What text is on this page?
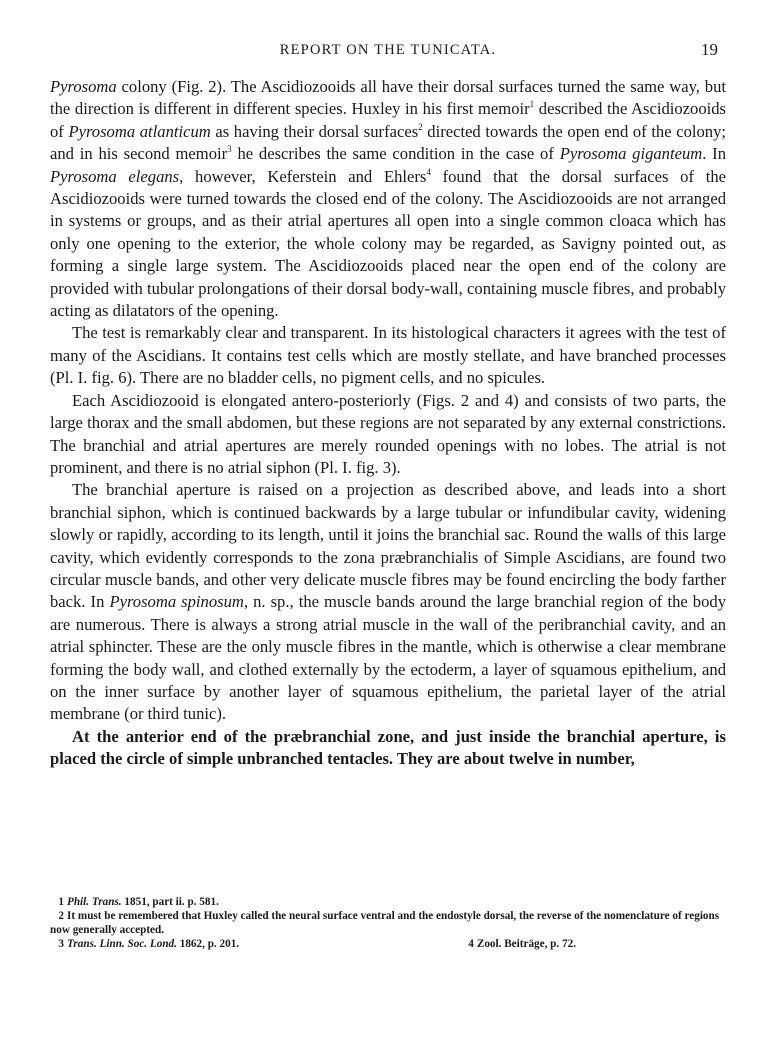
REPORT ON THE TUNICATA.	19

Pyrosoma colony (Fig. 2). The Ascidiozooids all have their dorsal surfaces turned the same way, but the direction is different in different species. Huxley in his first memoir$^1$ described the Ascidiozooids of Pyrosoma atlanticum as having their dorsal surfaces$^2$ directed towards the open end of the colony; and in his second memoir$^3$ he describes the same condition in the case of Pyrosoma giganteum. In Pyrosoma elegans, however, Keferstein and Ehlers$^4$ found that the dorsal surfaces of the Ascidiozooids were turned towards the closed end of the colony. The Ascidiozooids are not arranged in systems or groups, and as their atrial apertures all open into a single common cloaca which has only one opening to the exterior, the whole colony may be regarded, as Savigny pointed out, as forming a single large system. The Ascidiozooids placed near the open end of the colony are provided with tubular prolongations of their dorsal body-wall, containing muscle fibres, and probably acting as dilatators of the opening.

The test is remarkably clear and transparent. In its histological characters it agrees with the test of many of the Ascidians. It contains test cells which are mostly stellate, and have branched processes (Pl. I. fig. 6). There are no bladder cells, no pigment cells, and no spicules.

Each Ascidiozooid is elongated antero-posteriorly (Figs. 2 and 4) and consists of two parts, the large thorax and the small abdomen, but these regions are not separated by any external constrictions. The branchial and atrial apertures are merely rounded openings with no lobes. The atrial is not prominent, and there is no atrial siphon (Pl. I. fig. 3).

The branchial aperture is raised on a projection as described above, and leads into a short branchial siphon, which is continued backwards by a large tubular or infundibular cavity, widening slowly or rapidly, according to its length, until it joins the branchial sac. Round the walls of this large cavity, which evidently corresponds to the zona præbranchialis of Simple Ascidians, are found two circular muscle bands, and other very delicate muscle fibres may be found encircling the body farther back. In Pyrosoma spinosum, n. sp., the muscle bands around the large branchial region of the body are numerous. There is always a strong atrial muscle in the wall of the peribranchial cavity, and an atrial sphincter. These are the only muscle fibres in the mantle, which is otherwise a clear membrane forming the body wall, and clothed externally by the ectoderm, a layer of squamous epithelium, and on the inner surface by another layer of squamous epithelium, the parietal layer of the atrial membrane (or third tunic).

At the anterior end of the præbranchial zone, and just inside the branchial aperture, is placed the circle of simple unbranched tentacles. They are about twelve in number,

1 Phil. Trans. 1851, part ii. p. 581.

2 It must be remembered that Huxley called the neural surface ventral and the endostyle dorsal, the reverse of the nomenclature of regions now generally accepted.

3 Trans. Linn. Soc. Lond. 1862, p. 201.	4 Zool. Beiträge, p. 72.
